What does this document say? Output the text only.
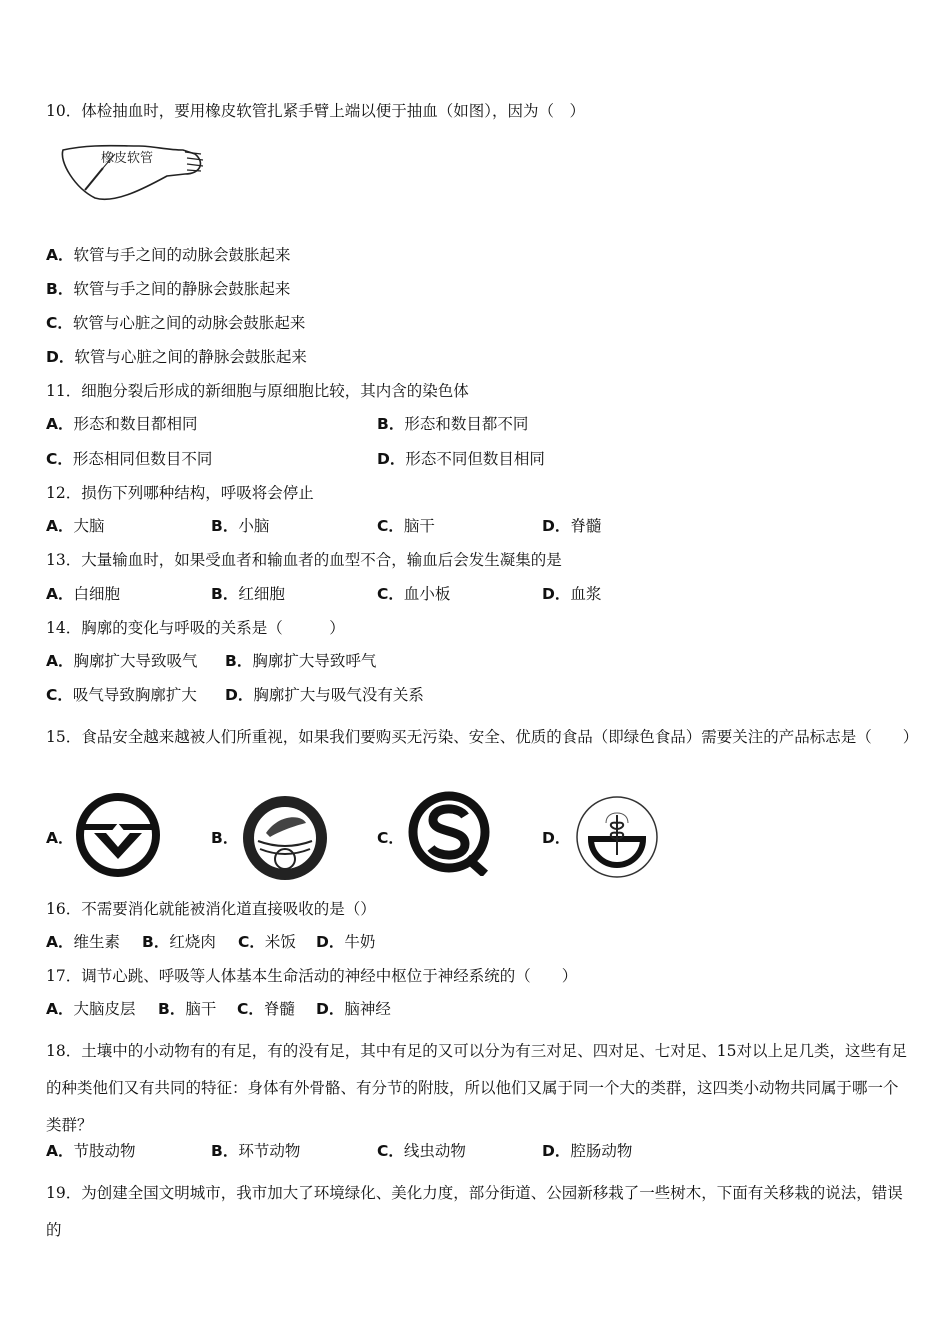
10．体检抽血时，要用橡皮软管扎紧手臂上端以便于抽血（如图），因为（　）
橡皮软管
A．软管与手之间的动脉会鼓胀起来
B．软管与手之间的静脉会鼓胀起来
C．软管与心脏之间的动脉会鼓胀起来
D．软管与心脏之间的静脉会鼓胀起来
11．细胞分裂后形成的新细胞与原细胞比较，其内含的染色体
A．形态和数目都相同	B．形态和数目都不同
C．形态相同但数目不同	D．形态不同但数目相同
12．损伤下列哪种结构，呼吸将会停止
A．大脑	B．小脑	C．脑干	D．脊髓
13．大量输血时，如果受血者和输血者的血型不合，输血后会发生凝集的是
A．白细胞	B．红细胞	C．血小板	D．血浆
14．胸廓的变化与呼吸的关系是（　　　）
A．胸廓扩大导致吸气 B．胸廓扩大导致呼气
C．吸气导致胸廓扩大 D．胸廓扩大与吸气没有关系
15．食品安全越来越被人们所重视，如果我们要购买无污染、安全、优质的食品（即绿色食品）需要关注的产品标志是（　　）
A．	B．	C．	D．
16．不需要消化就能被消化道直接吸收的是（）
A．维生素 B．红烧肉 C．米饭 D．牛奶
17．调节心跳、呼吸等人体基本生命活动的神经中枢位于神经系统的（　　）
A．大脑皮层 B．脑干 C．脊髓 D．脑神经
18．土壤中的小动物有的有足，有的没有足，其中有足的又可以分为有三对足、四对足、七对足、15对以上足几类，这些有足的种类他们又有共同的特征：身体有外骨骼、有分节的附肢，所以他们又属于同一个大的类群，这四类小动物共同属于哪一个类群？
A．节肢动物	B．环节动物	C．线虫动物	D．腔肠动物
19．为创建全国文明城市，我市加大了环境绿化、美化力度，部分街道、公园新移栽了一些树木，下面有关移栽的说法，错误的
